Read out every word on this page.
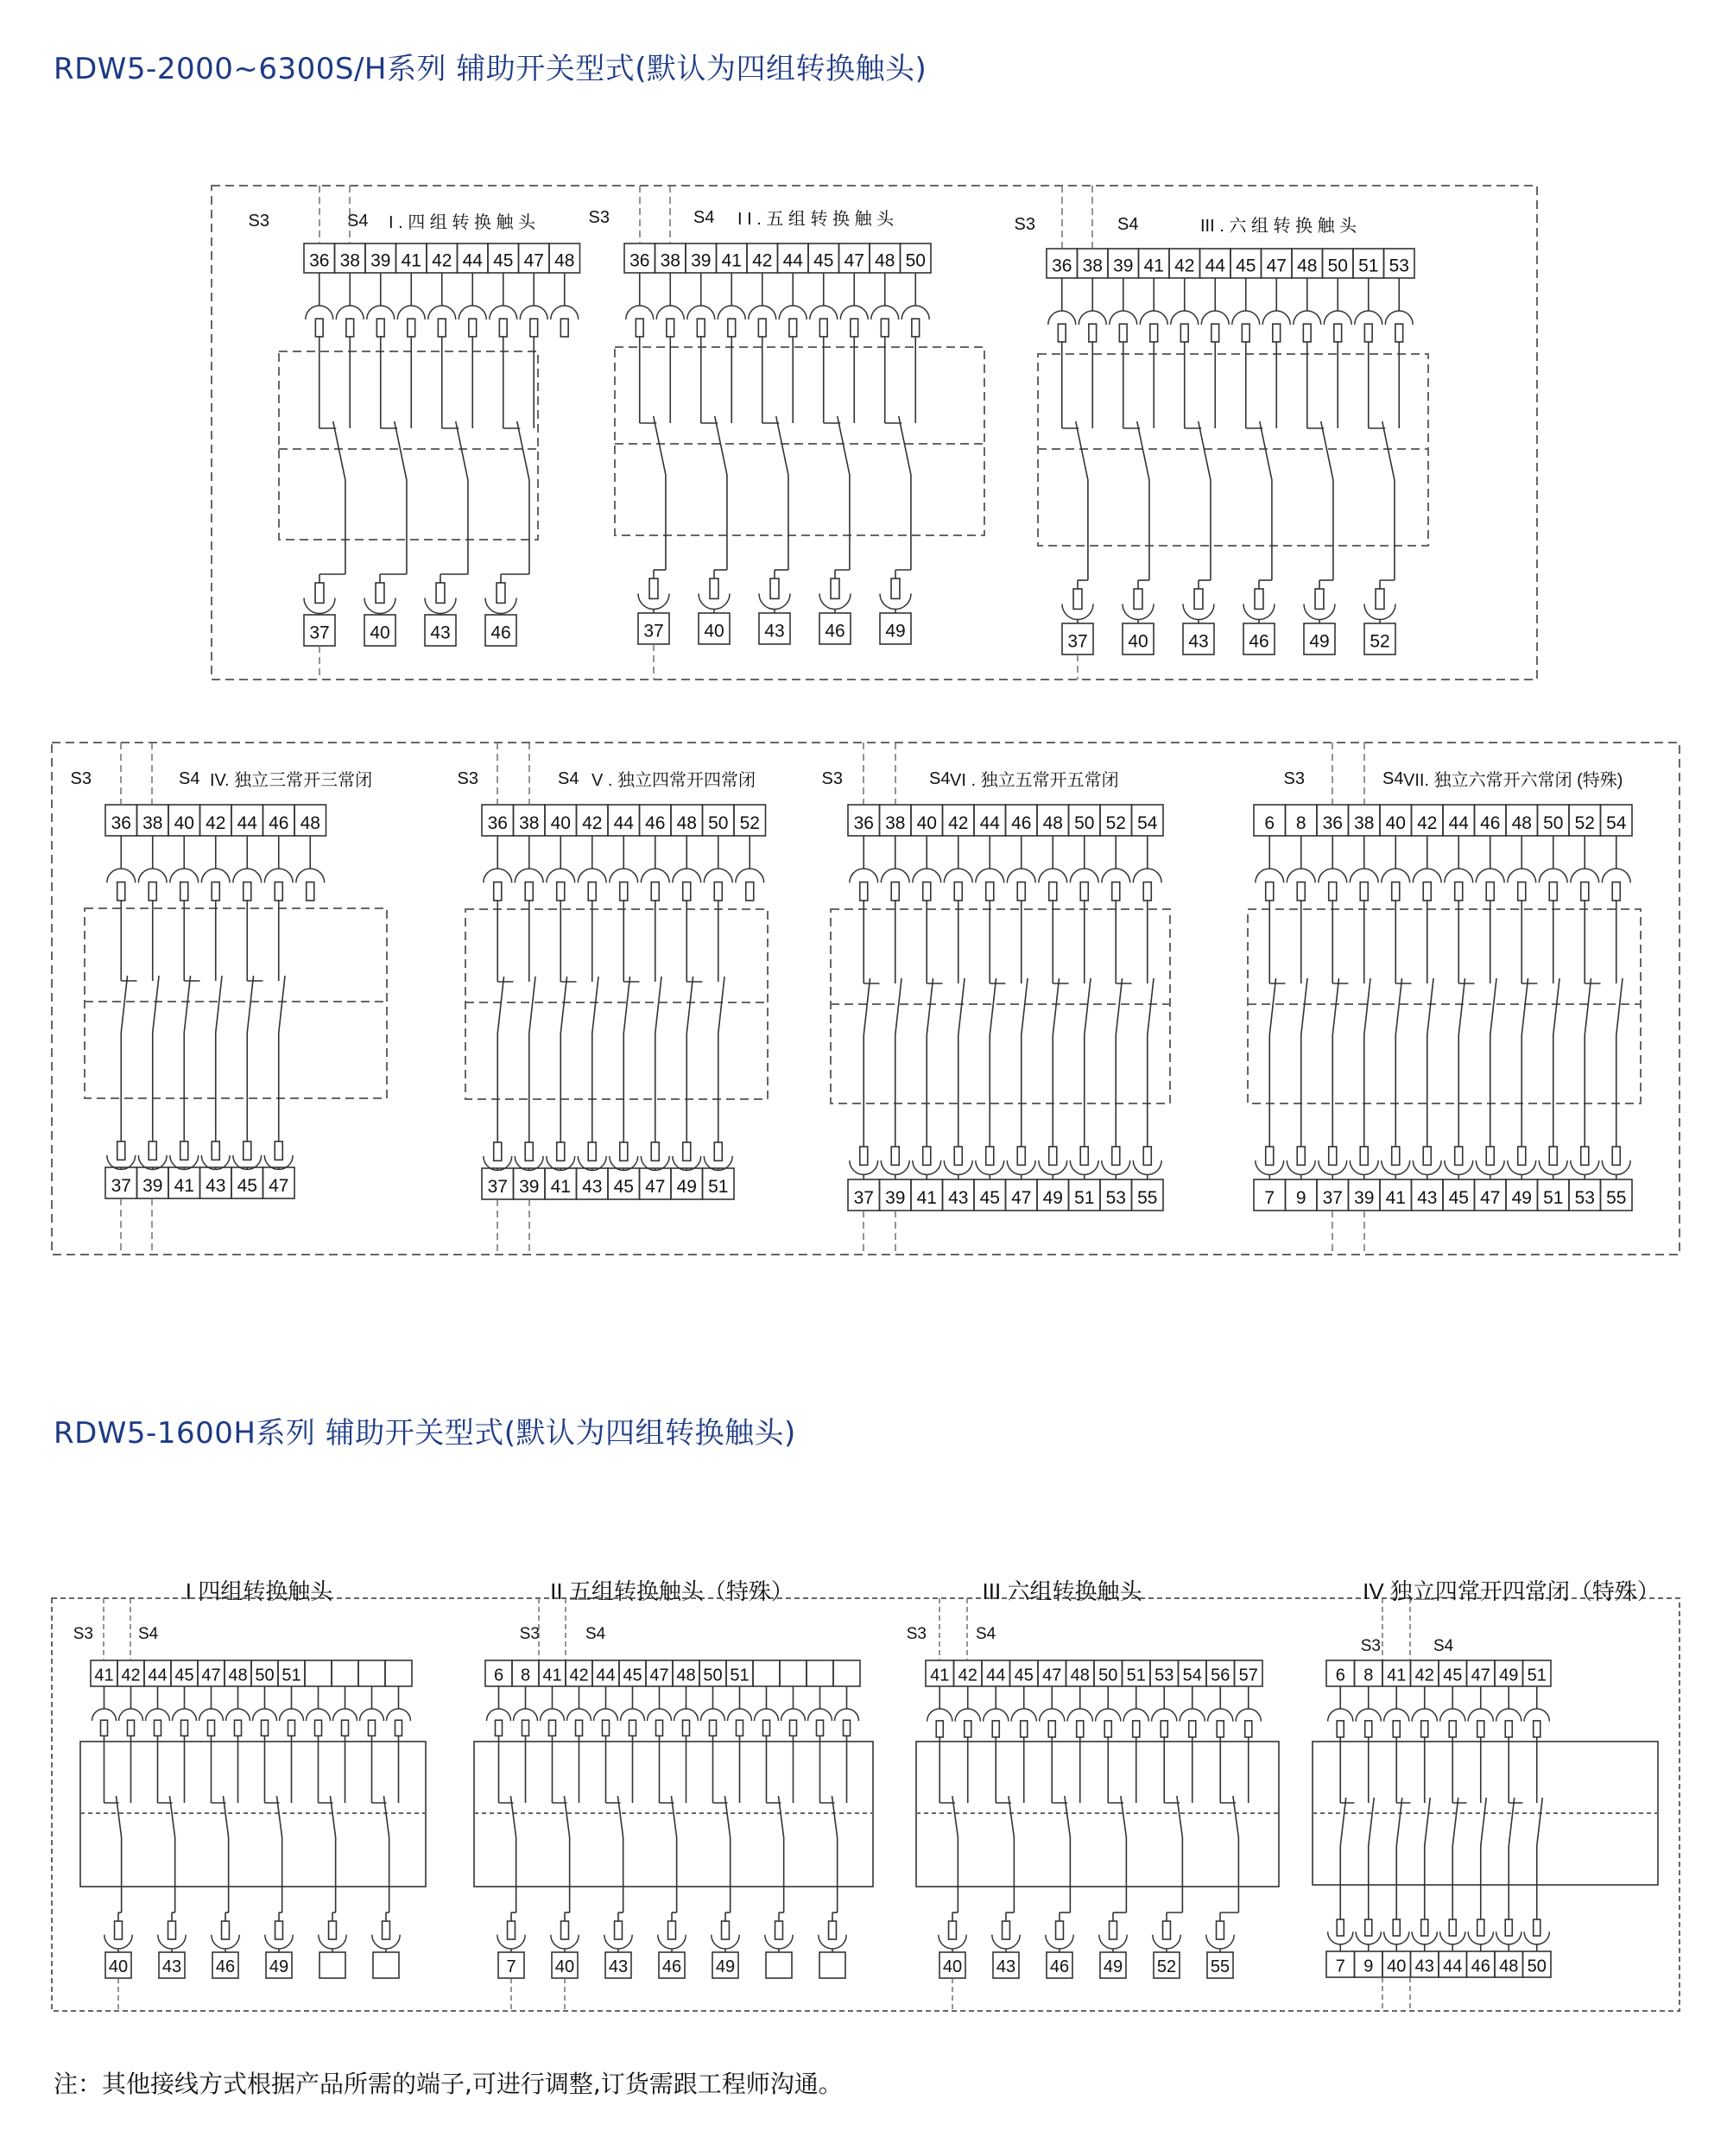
RDW5-2000~6300S/H系列 辅助开关型式(默认为四组转换触头)
RDW5-1600H系列 辅助开关型式(默认为四组转换触头)
注：其他接线方式根据产品所需的端子,可进行调整,订货需跟工程师沟通。
S3	S4 I . 四 组 转 换 触 头
36 38 39 41 42 44 45 47 48
37 40 43 46
S3	S4 I I . 五 组 转 换 触 头
36 38 39 41 42 44 45 47 48 50
37 40 43 46 49
S3	S4	III . 六 组 转 换 触 头
36 38 39 41 42 44 45 47 48 50 51 53
37 40 43 46 49 52
S3	S4 IV. 独立三常开三常闭
36 38 40 42 44 46 48
37 39 41 43 45 47
S3	S4 V . 独立四常开四常闭
36 38 40 42 44 46 48 50 52
37 39 41 43 45 47 49 51
S3	S4 VI . 独立五常开五常闭
36 38 40 42 44 46 48 50 52 54
37 39 41 43 45 47 49 51 53 55
S3	S4 VII. 独立六常开六常闭 (特殊)
6 8 36 38 40 42 44 46 48 50 52 54
7 9 37 39 41 43 45 47 49 51 53 55
I 四组转换触头
S3	S4
41 42 44 45 47 48 50 51
40 43 46 49
II 五组转换触头（特殊）
S3	S4
6 8 41 42 44 45 47 48 50 51
7 40 43 46 49
III 六组转换触头
S3	S4
41 42 44 45 47 48 50 51 53 54 56 57
40 43 46 49 52 55
IV 独立四常开四常闭（特殊）
S3	S4
6 8 41 42 45 47 49 51
7 9 40 43 44 46 48 50
